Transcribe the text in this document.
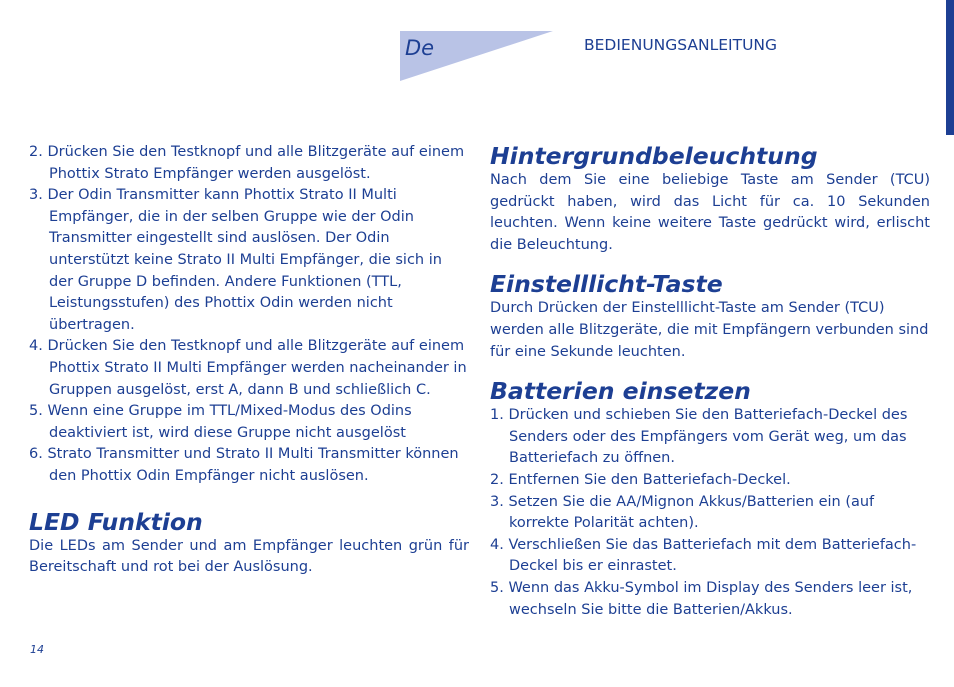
De	BEDIENUNGSANLEITUNG
2. Drücken Sie den Testknopf und alle Blitzgeräte auf einem Phottix Strato Empfänger werden ausgelöst.
3. Der Odin Transmitter kann Phottix Strato II Multi Empfänger, die in der selben Gruppe wie der Odin Transmitter eingestellt sind auslösen. Der Odin unterstützt keine Strato II Multi Empfänger, die sich in der Gruppe D befinden. Andere Funktionen (TTL, Leistungsstufen) des Phottix Odin werden nicht übertragen.
4. Drücken Sie den Testknopf und alle Blitzgeräte auf einem Phottix Strato II Multi Empfänger werden nacheinander in Gruppen ausgelöst, erst A, dann B und schließlich C.
5. Wenn eine Gruppe im TTL/Mixed-Modus des Odins deaktiviert ist, wird diese Gruppe nicht ausgelöst
6. Strato Transmitter und Strato II Multi Transmitter können den Phottix Odin Empfänger nicht auslösen.
LED Funktion

Die LEDs am Sender und am Empfänger leuchten grün für Bereitschaft und rot bei der Auslösung.

Hintergrundbeleuchtung

Nach dem Sie eine beliebige Taste am Sender (TCU) gedrückt haben, wird das Licht für ca. 10 Sekunden leuchten. Wenn keine weitere Taste gedrückt wird, erlischt die Beleuchtung.

Einstelllicht-Taste

Durch Drücken der Einstelllicht-Taste am Sender (TCU) werden alle Blitzgeräte, die mit Empfängern verbunden sind für eine Sekunde leuchten.

Batterien einsetzen
1. Drücken und schieben Sie den Batteriefach-Deckel des Senders oder des Empfängers vom Gerät weg, um das Batteriefach zu öffnen.
2. Entfernen Sie den Batteriefach-Deckel.
3. Setzen Sie die AA/Mignon Akkus/Batterien ein (auf korrekte Polarität achten).
4. Verschließen Sie das Batteriefach mit dem Batteriefach-Deckel bis er einrastet.
5. Wenn das Akku-Symbol im Display des Senders leer ist, wechseln Sie bitte die Batterien/Akkus.
14
